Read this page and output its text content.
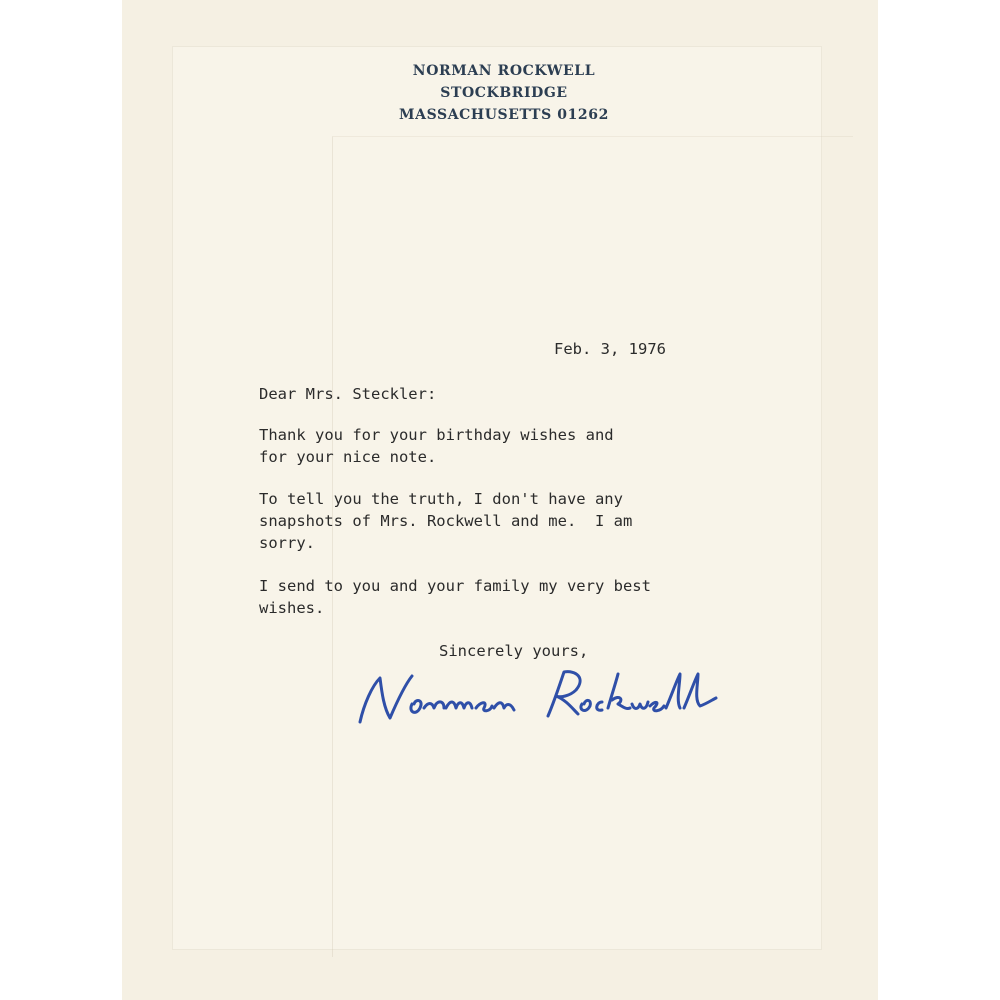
NORMAN ROCKWELL
STOCKBRIDGE
MASSACHUSETTS 01262
Feb. 3, 1976
Dear Mrs. Steckler:

Thank you for your birthday wishes and
for your nice note.

To tell you the truth, I don't have any
snapshots of Mrs. Rockwell and me.  I am
sorry.

I send to you and your family my very best
wishes.

Sincerely yours,
